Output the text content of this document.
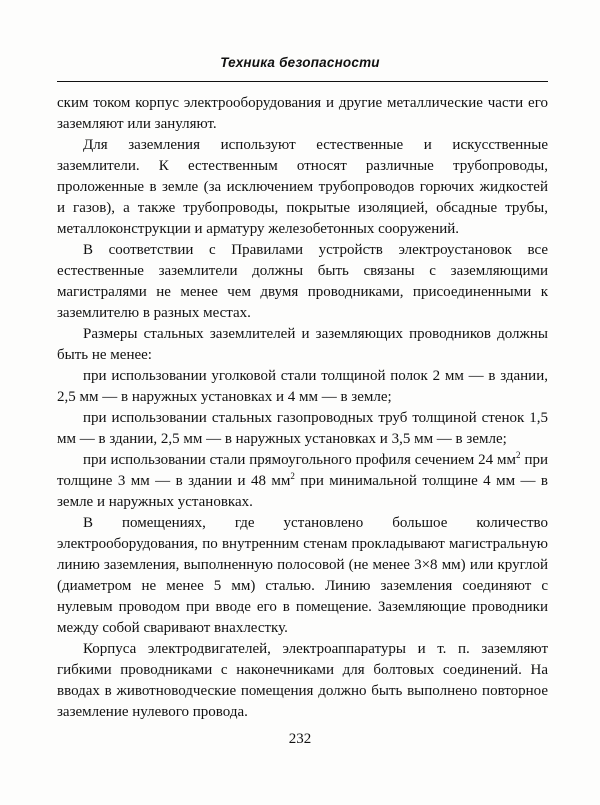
Техника безопасности

ским током корпус электрооборудования и другие металлические части его заземляют или зануляют.

Для заземления используют естественные и искусственные заземлители. К естественным относят различные трубопроводы, проложенные в земле (за исключением трубопроводов горючих жидкостей и газов), а также трубопроводы, покрытые изоляцией, обсадные трубы, металлоконструкции и арматуру железобетонных сооружений.

В соответствии с Правилами устройств электроустановок все естественные заземлители должны быть связаны с заземляющими магистралями не менее чем двумя проводниками, присоединенными к заземлителю в разных местах.

Размеры стальных заземлителей и заземляющих проводников должны быть не менее:

при использовании уголковой стали толщиной полок 2 мм — в здании, 2,5 мм — в наружных установках и 4 мм — в земле;

при использовании стальных газопроводных труб толщиной стенок 1,5 мм — в здании, 2,5 мм — в наружных установках и 3,5 мм — в земле;

при использовании стали прямоугольного профиля сечением 24 $мм^2$ при толщине 3 мм — в здании и 48 $мм^2$ при минимальной толщине 4 мм — в земле и наружных установках.

В помещениях, где установлено большое количество электрооборудования, по внутренним стенам прокладывают магистральную линию заземления, выполненную полосовой (не менее 3×8 мм) или круглой (диаметром не менее 5 мм) сталью. Линию заземления соединяют с нулевым проводом при вводе его в помещение. Заземляющие проводники между собой сваривают внахлестку.

Корпуса электродвигателей, электроаппаратуры и т. п. заземляют гибкими проводниками с наконечниками для болтовых соединений. На вводах в животноводческие помещения должно быть выполнено повторное заземление нулевого провода.

232
